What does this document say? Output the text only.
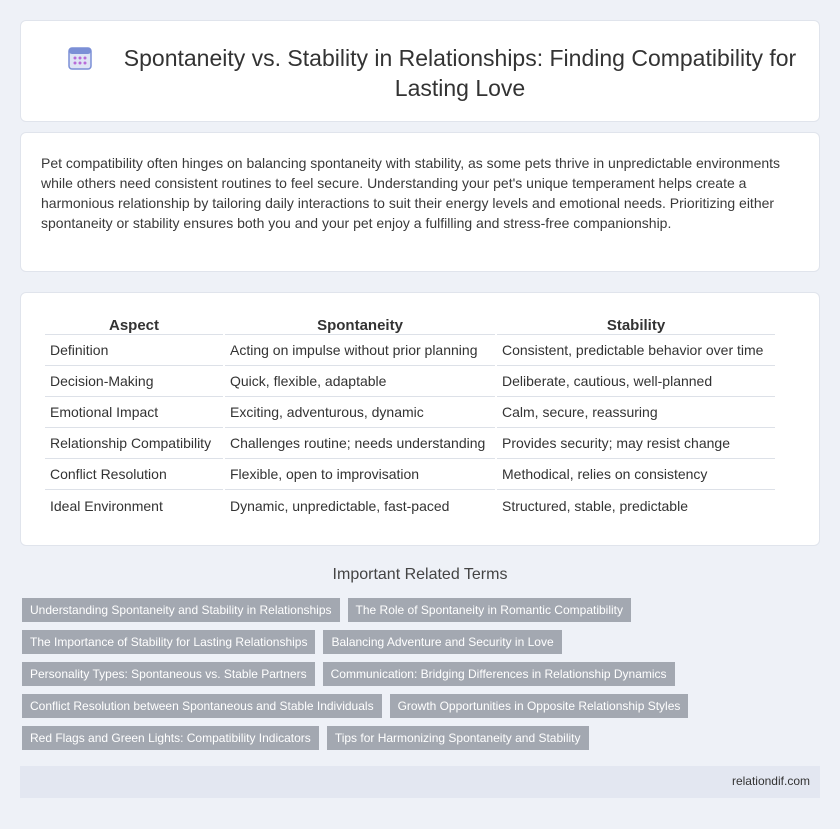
Spontaneity vs. Stability in Relationships: Finding Compatibility for Lasting Love

Pet compatibility often hinges on balancing spontaneity with stability, as some pets thrive in unpredictable environments while others need consistent routines to feel secure. Understanding your pet's unique temperament helps create a harmonious relationship by tailoring daily interactions to suit their energy levels and emotional needs. Prioritizing either spontaneity or stability ensures both you and your pet enjoy a fulfilling and stress-free companionship.

Aspect	Spontaneity	Stability
Definition	Acting on impulse without prior planning	Consistent, predictable behavior over time
Decision-Making	Quick, flexible, adaptable	Deliberate, cautious, well-planned
Emotional Impact	Exciting, adventurous, dynamic	Calm, secure, reassuring
Relationship Compatibility	Challenges routine; needs understanding	Provides security; may resist change
Conflict Resolution	Flexible, open to improvisation	Methodical, relies on consistency
Ideal Environment	Dynamic, unpredictable, fast-paced	Structured, stable, predictable
Important Related Terms
Understanding Spontaneity and Stability in Relationships	The Role of Spontaneity in Romantic Compatibility
The Importance of Stability for Lasting Relationships	Balancing Adventure and Security in Love
Personality Types: Spontaneous vs. Stable Partners	Communication: Bridging Differences in Relationship Dynamics
Conflict Resolution between Spontaneous and Stable Individuals	Growth Opportunities in Opposite Relationship Styles
Red Flags and Green Lights: Compatibility Indicators	Tips for Harmonizing Spontaneity and Stability
relationdif.com
